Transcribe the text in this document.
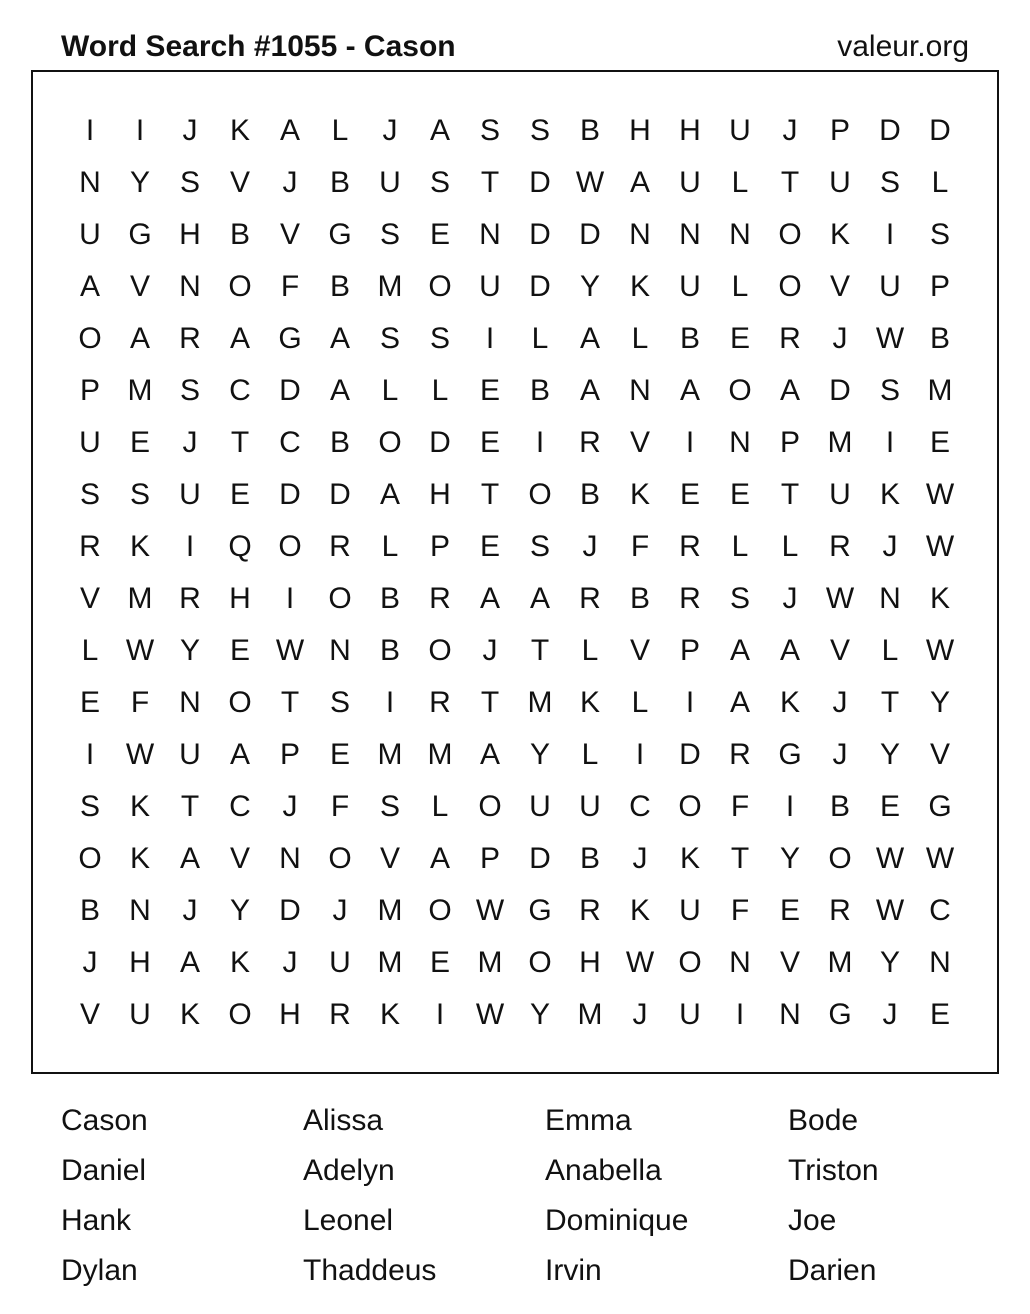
Word Search #1055 - Cason	valeur.org
I	I	J	K A	L	J	A S S B H H U	J	P D D
N Y S V	J	B U S	T	D W A U	L	T	U S	L
U G H B V G S E N D D N N N O K	I	S
A V N O F	B M O U D Y K U	L O V U P
O A R A G A S S	I	L	A	L	B E R	J W B
P M S C D A	L	L	E B A N A O A D S M
U E	J	T	C B O D E	I	R V	I	N P M	I	E
S S U E D D A H	T O B K E E	T	U K W
R K	I	Q O R	L	P E S	J	F	R	L	L	R	J W
V M R H	I	O B R A A R B R S	J W N K
L W Y E W N B O	J	T	L	V P A A V	L W
E	F	N O T	S	I	R	T M K	L	I	A K	J	T	Y
I	W U A P E M M A Y	L	I	D R G	J	Y V
S K	T	C	J	F	S	L O U U C O F	I	B E G
O K A V N O V A P D B	J	K	T	Y O W W
B N	J	Y D	J	M O W G R K U	F	E R W C
J	H A K	J	U M E M O H W O N V M Y N
V U K O H R K	I	W Y M	J	U	I	N G	J	E
Cason	Alissa	Emma	Bode
Daniel	Adelyn	Anabella	Triston
Hank	Leonel	Dominique	Joe
Dylan	Thaddeus	Irvin	Darien
